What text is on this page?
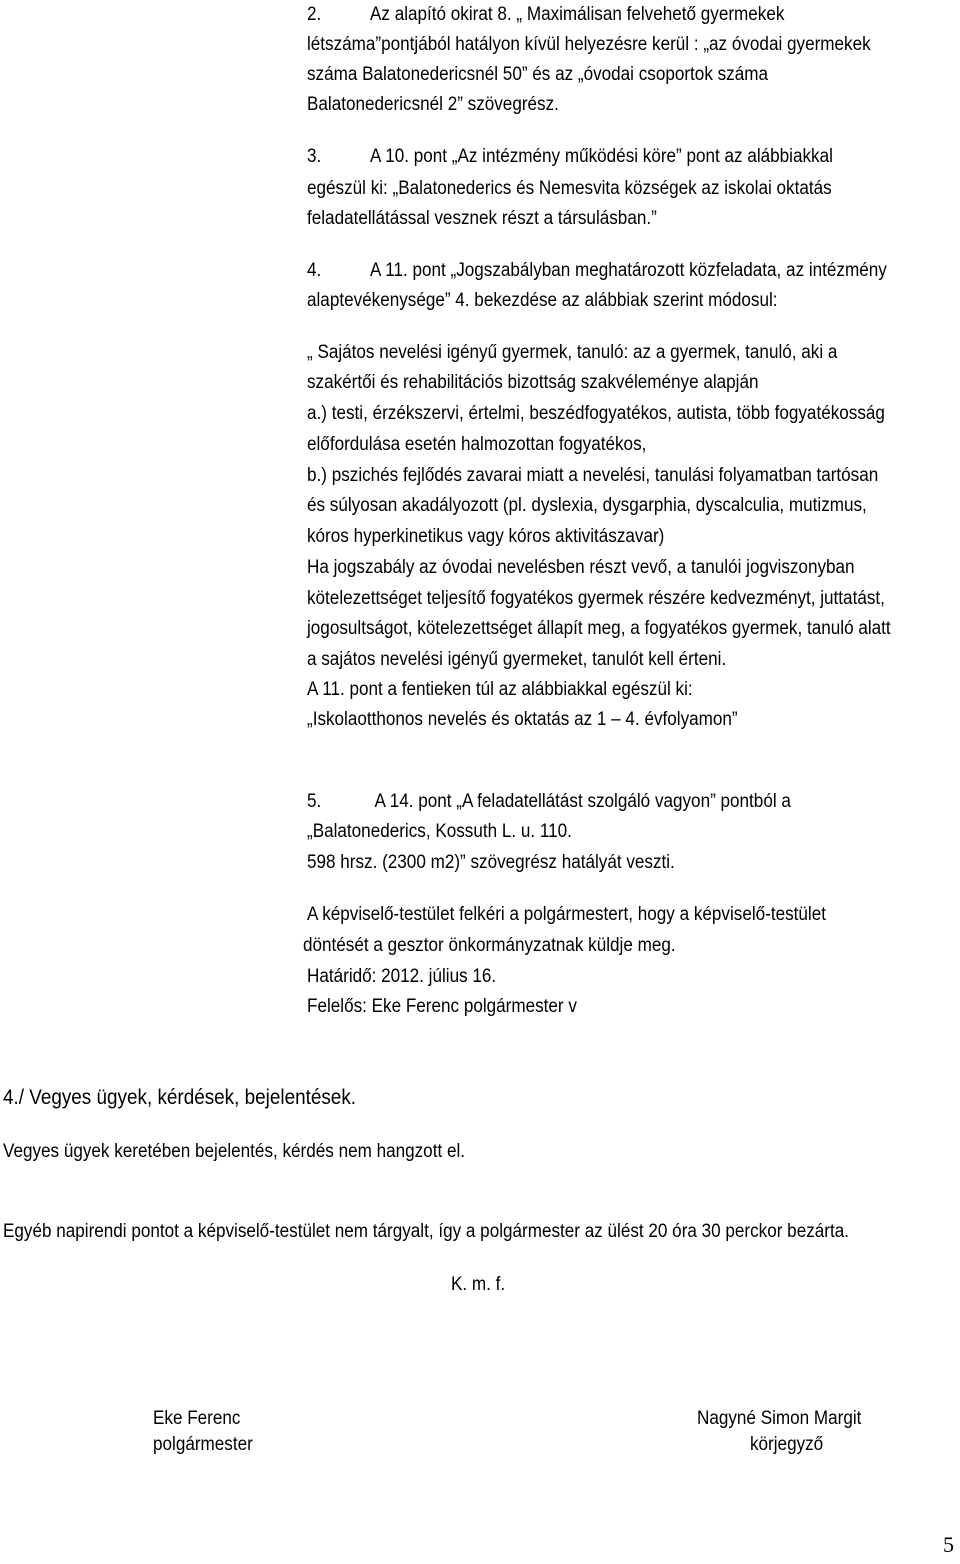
2.	Az alapító okirat 8. „ Maximálisan felvehető gyermekek
létszáma”pontjából hatályon kívül helyezésre kerül : „az óvodai gyermekek
száma Balatonedericsnél 50” és az „óvodai csoportok száma
Balatonedericsnél 2” szövegrész.
3.	A 10. pont „Az intézmény működési köre” pont az alábbiakkal
egészül ki: „Balatonederics és Nemesvita községek az iskolai oktatás
feladatellátással vesznek részt a társulásban.”
4.	A 11. pont „Jogszabályban meghatározott közfeladata, az intézmény
alaptevékenysége” 4. bekezdése az alábbiak szerint módosul:
„ Sajátos nevelési igényű gyermek, tanuló: az a gyermek, tanuló, aki a
szakértői és rehabilitációs bizottság szakvéleménye alapján
a.) testi, érzékszervi, értelmi, beszédfogyatékos, autista, több fogyatékosság
előfordulása esetén halmozottan fogyatékos,
b.) pszichés fejlődés zavarai miatt a nevelési, tanulási folyamatban tartósan
és súlyosan akadályozott (pl. dyslexia, dysgarphia, dyscalculia, mutizmus,
kóros hyperkinetikus vagy kóros aktivitászavar)
Ha jogszabály az óvodai nevelésben részt vevő, a tanulói jogviszonyban
kötelezettséget teljesítő fogyatékos gyermek részére kedvezményt, juttatást,
jogosultságot, kötelezettséget állapít meg, a fogyatékos gyermek, tanuló alatt
a sajátos nevelési igényű gyermeket, tanulót kell érteni.
A 11. pont a fentieken túl az alábbiakkal egészül ki:
„Iskolaotthonos nevelés és oktatás az 1 – 4. évfolyamon”
5.	A 14. pont „A feladatellátást szolgáló vagyon” pontból a
„Balatonederics, Kossuth L. u. 110.
598 hrsz. (2300 m2)” szövegrész hatályát veszti.
A képviselő-testület felkéri a polgármestert, hogy a képviselő-testület
döntését a gesztor önkormányzatnak küldje meg.
Határidő: 2012. július 16.
Felelős: Eke Ferenc polgármester v
4./ Vegyes ügyek, kérdések, bejelentések.
Vegyes ügyek keretében bejelentés, kérdés nem hangzott el.
Egyéb napirendi pontot a képviselő-testület nem tárgyalt, így a polgármester az ülést 20 óra 30 perckor bezárta.
K. m. f.
Eke Ferenc
polgármester
Nagyné Simon Margit
körjegyző
5
